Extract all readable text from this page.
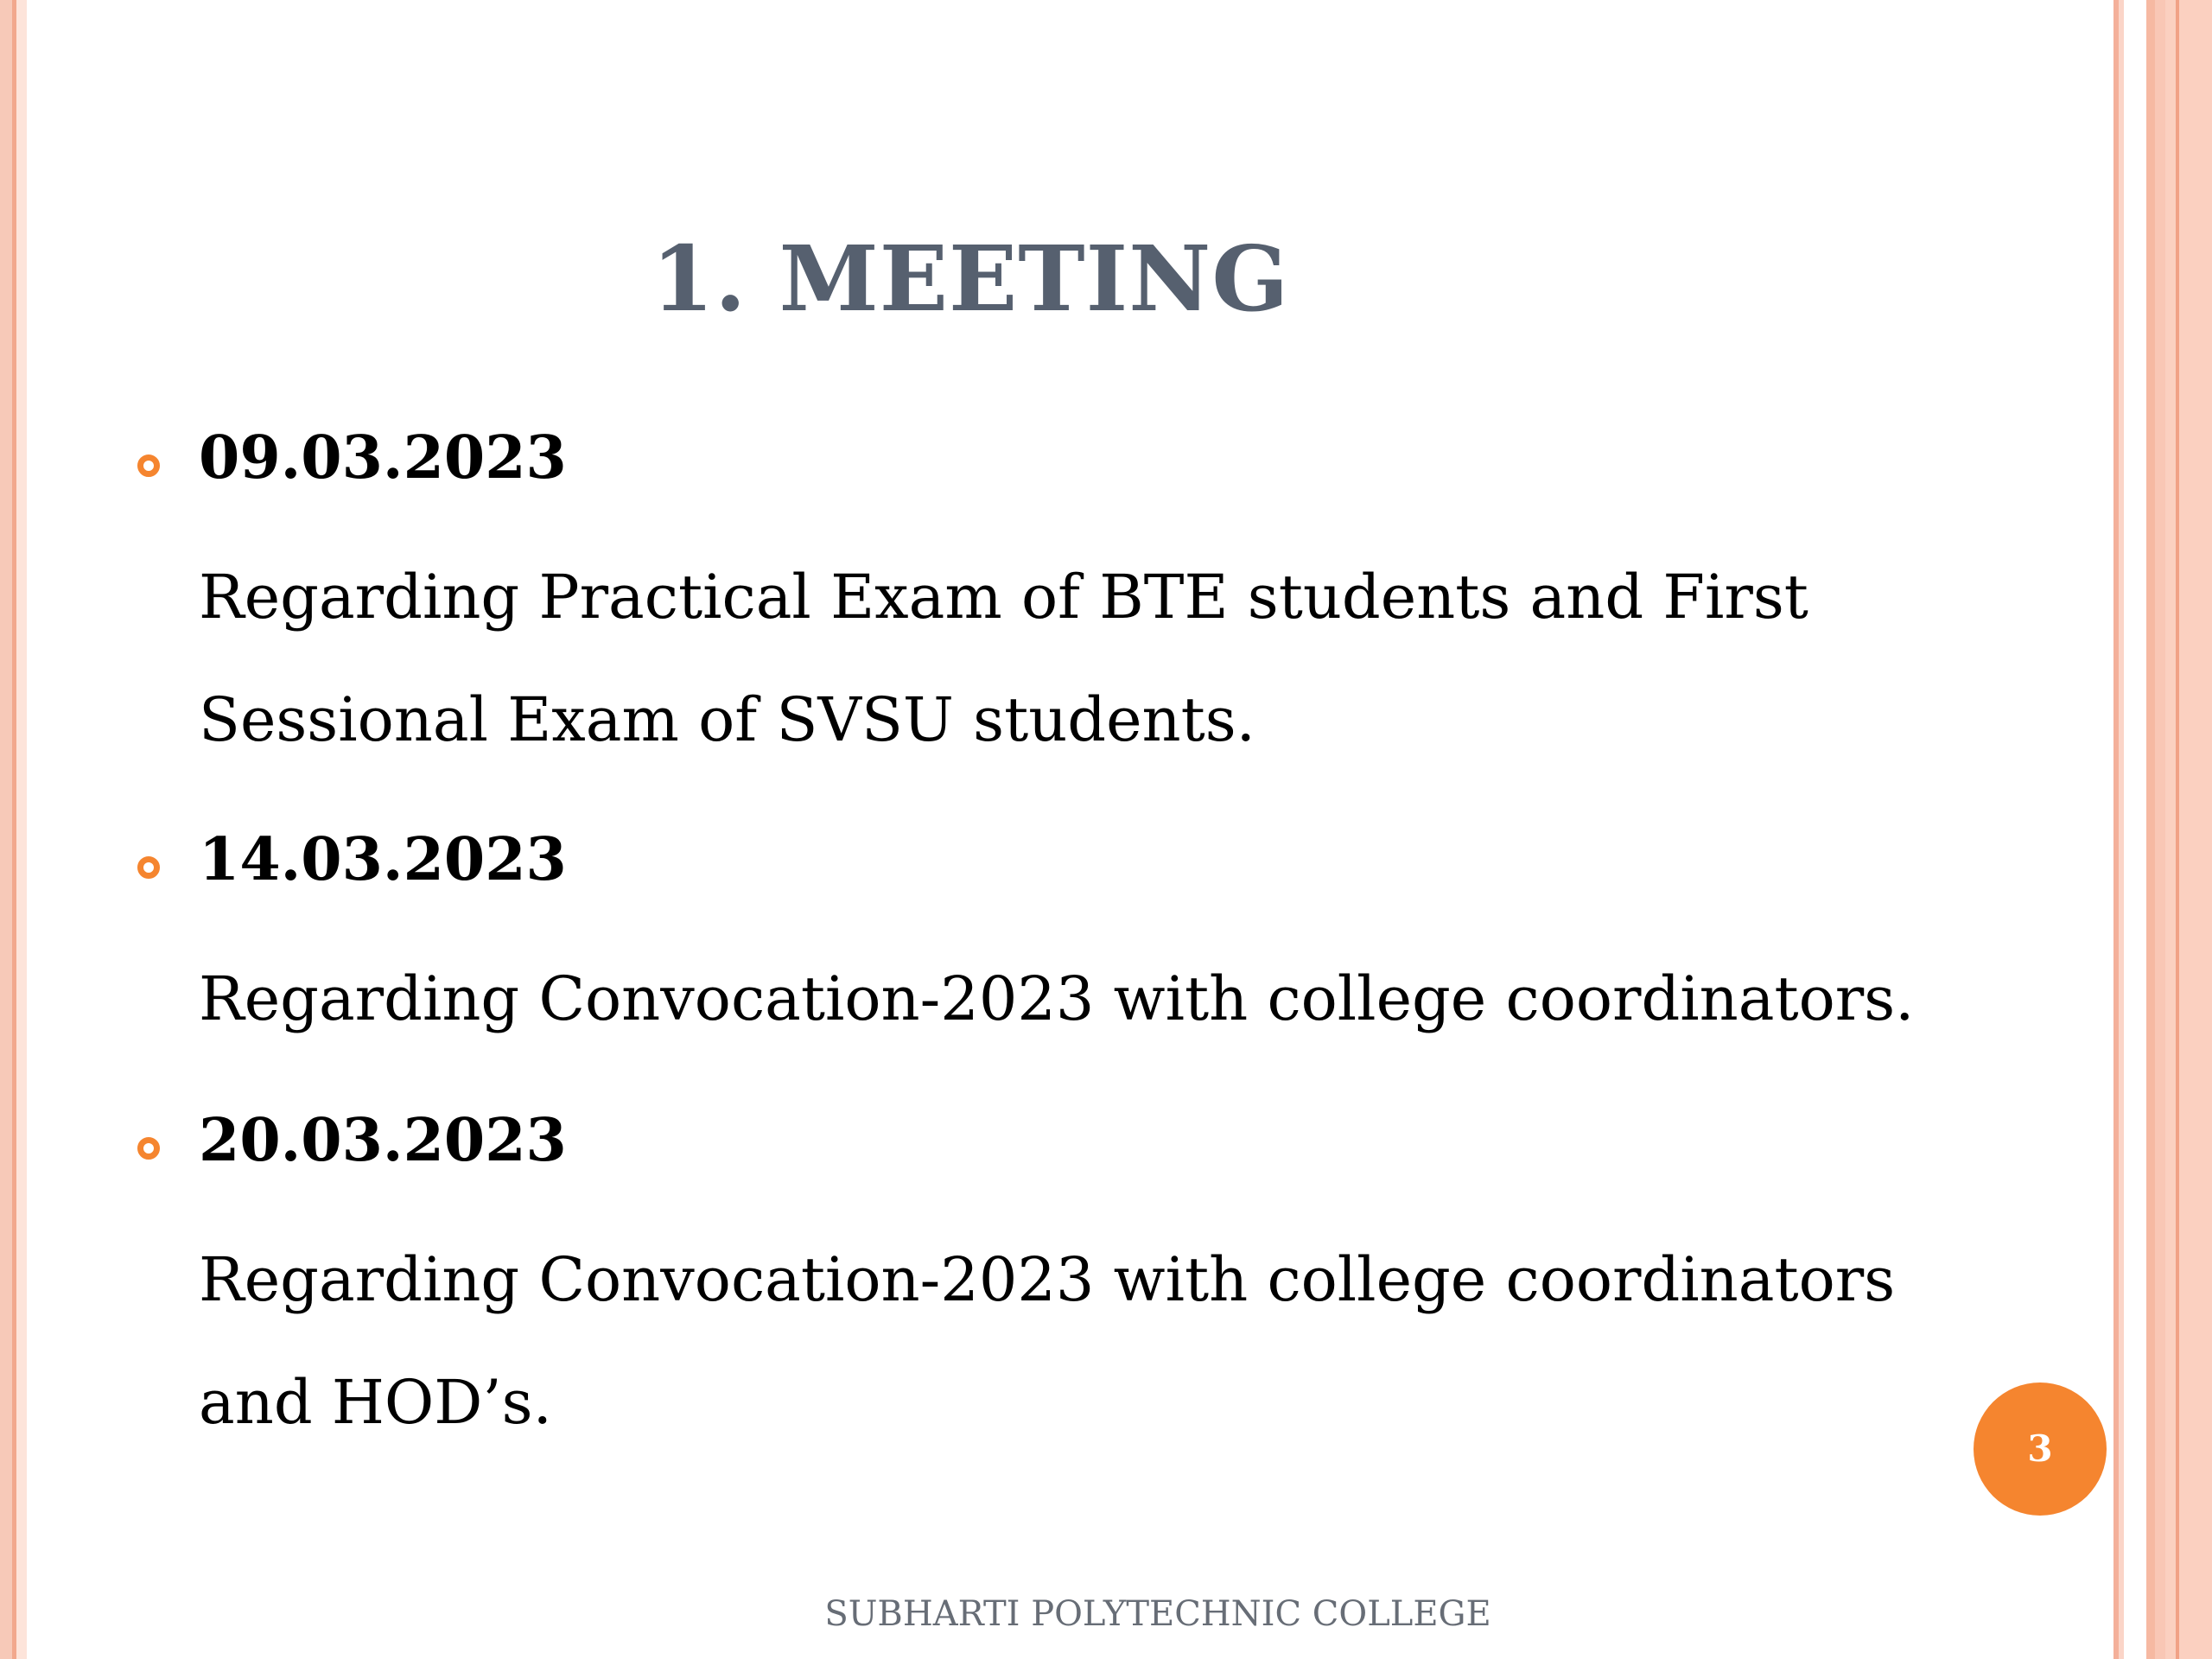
1. MEETING

09.03.2023

Regarding Practical Exam of BTE students and First Sessional Exam of SVSU students.

14.03.2023

Regarding Convocation-2023 with college coordinators.

20.03.2023

Regarding Convocation-2023 with college coordinators and HOD’s.

3
SUBHARTI POLYTECHNIC COLLEGE
